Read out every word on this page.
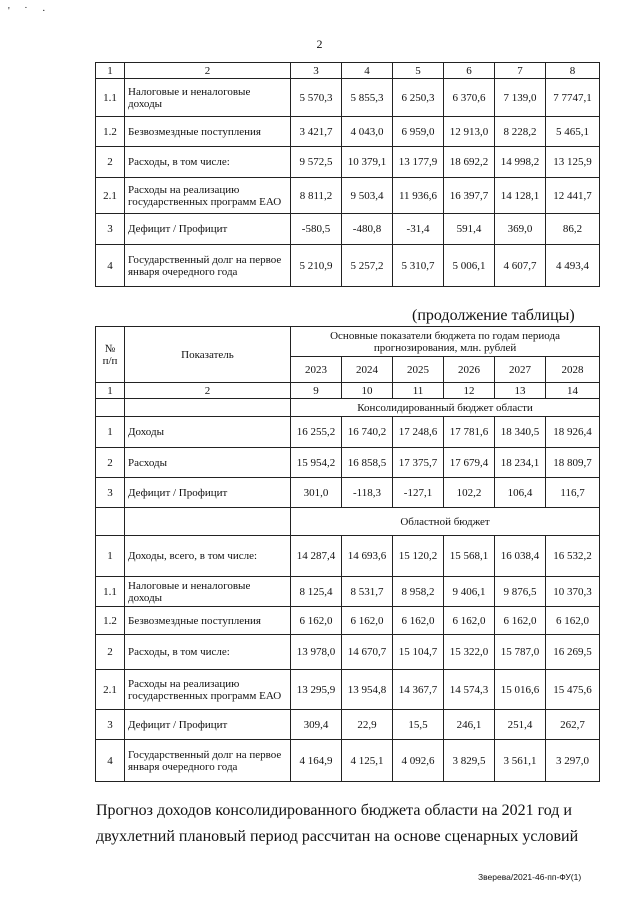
' ˙ ·
2
1	2	3	4	5	6	7	8
1.1	Налоговые и неналоговые доходы	5 570,3	5 855,3	6 250,3	6 370,6	7 139,0	7 7747,1
1.2	Безвозмездные поступления	3 421,7	4 043,0	6 959,0	12 913,0	8 228,2	5 465,1
2	Расходы, в том числе:	9 572,5	10 379,1	13 177,9	18 692,2	14 998,2	13 125,9
2.1	Расходы на реализацию государственных программ ЕАО	8 811,2	9 503,4	11 936,6	16 397,7	14 128,1	12 441,7
3	Дефицит / Профицит	-580,5	-480,8	-31,4	591,4	369,0	86,2
4	Государственный долг на первое января очередного года	5 210,9	5 257,2	5 310,7	5 006,1	4 607,7	4 493,4
(продолжение таблицы)
№ п/п	Показатель	Основные показатели бюджета по годам периода прогнозирования, млн. рублей					
		2023	2024	2025	2026	2027	2028
1	2	9	10	11	12	13	14
		Консолидированный бюджет области					
1	Доходы	16 255,2	16 740,2	17 248,6	17 781,6	18 340,5	18 926,4
2	Расходы	15 954,2	16 858,5	17 375,7	17 679,4	18 234,1	18 809,7
3	Дефицит / Профицит	301,0	-118,3	-127,1	102,2	106,4	116,7
		Областной бюджет					
1	Доходы, всего, в том числе:	14 287,4	14 693,6	15 120,2	15 568,1	16 038,4	16 532,2
1.1	Налоговые и неналоговые доходы	8 125,4	8 531,7	8 958,2	9 406,1	9 876,5	10 370,3
1.2	Безвозмездные поступления	6 162,0	6 162,0	6 162,0	6 162,0	6 162,0	6 162,0
2	Расходы, в том числе:	13 978,0	14 670,7	15 104,7	15 322,0	15 787,0	16 269,5
2.1	Расходы на реализацию государственных программ ЕАО	13 295,9	13 954,8	14 367,7	14 574,3	15 016,6	15 475,6
3	Дефицит / Профицит	309,4	22,9	15,5	246,1	251,4	262,7
4	Государственный долг на первое января очередного года	4 164,9	4 125,1	4 092,6	3 829,5	3 561,1	3 297,0
Прогноз доходов консолидированного бюджета области на 2021 год и
двухлетний плановый период рассчитан на основе сценарных условий
Зверева/2021-46-пп-ФУ(1)
